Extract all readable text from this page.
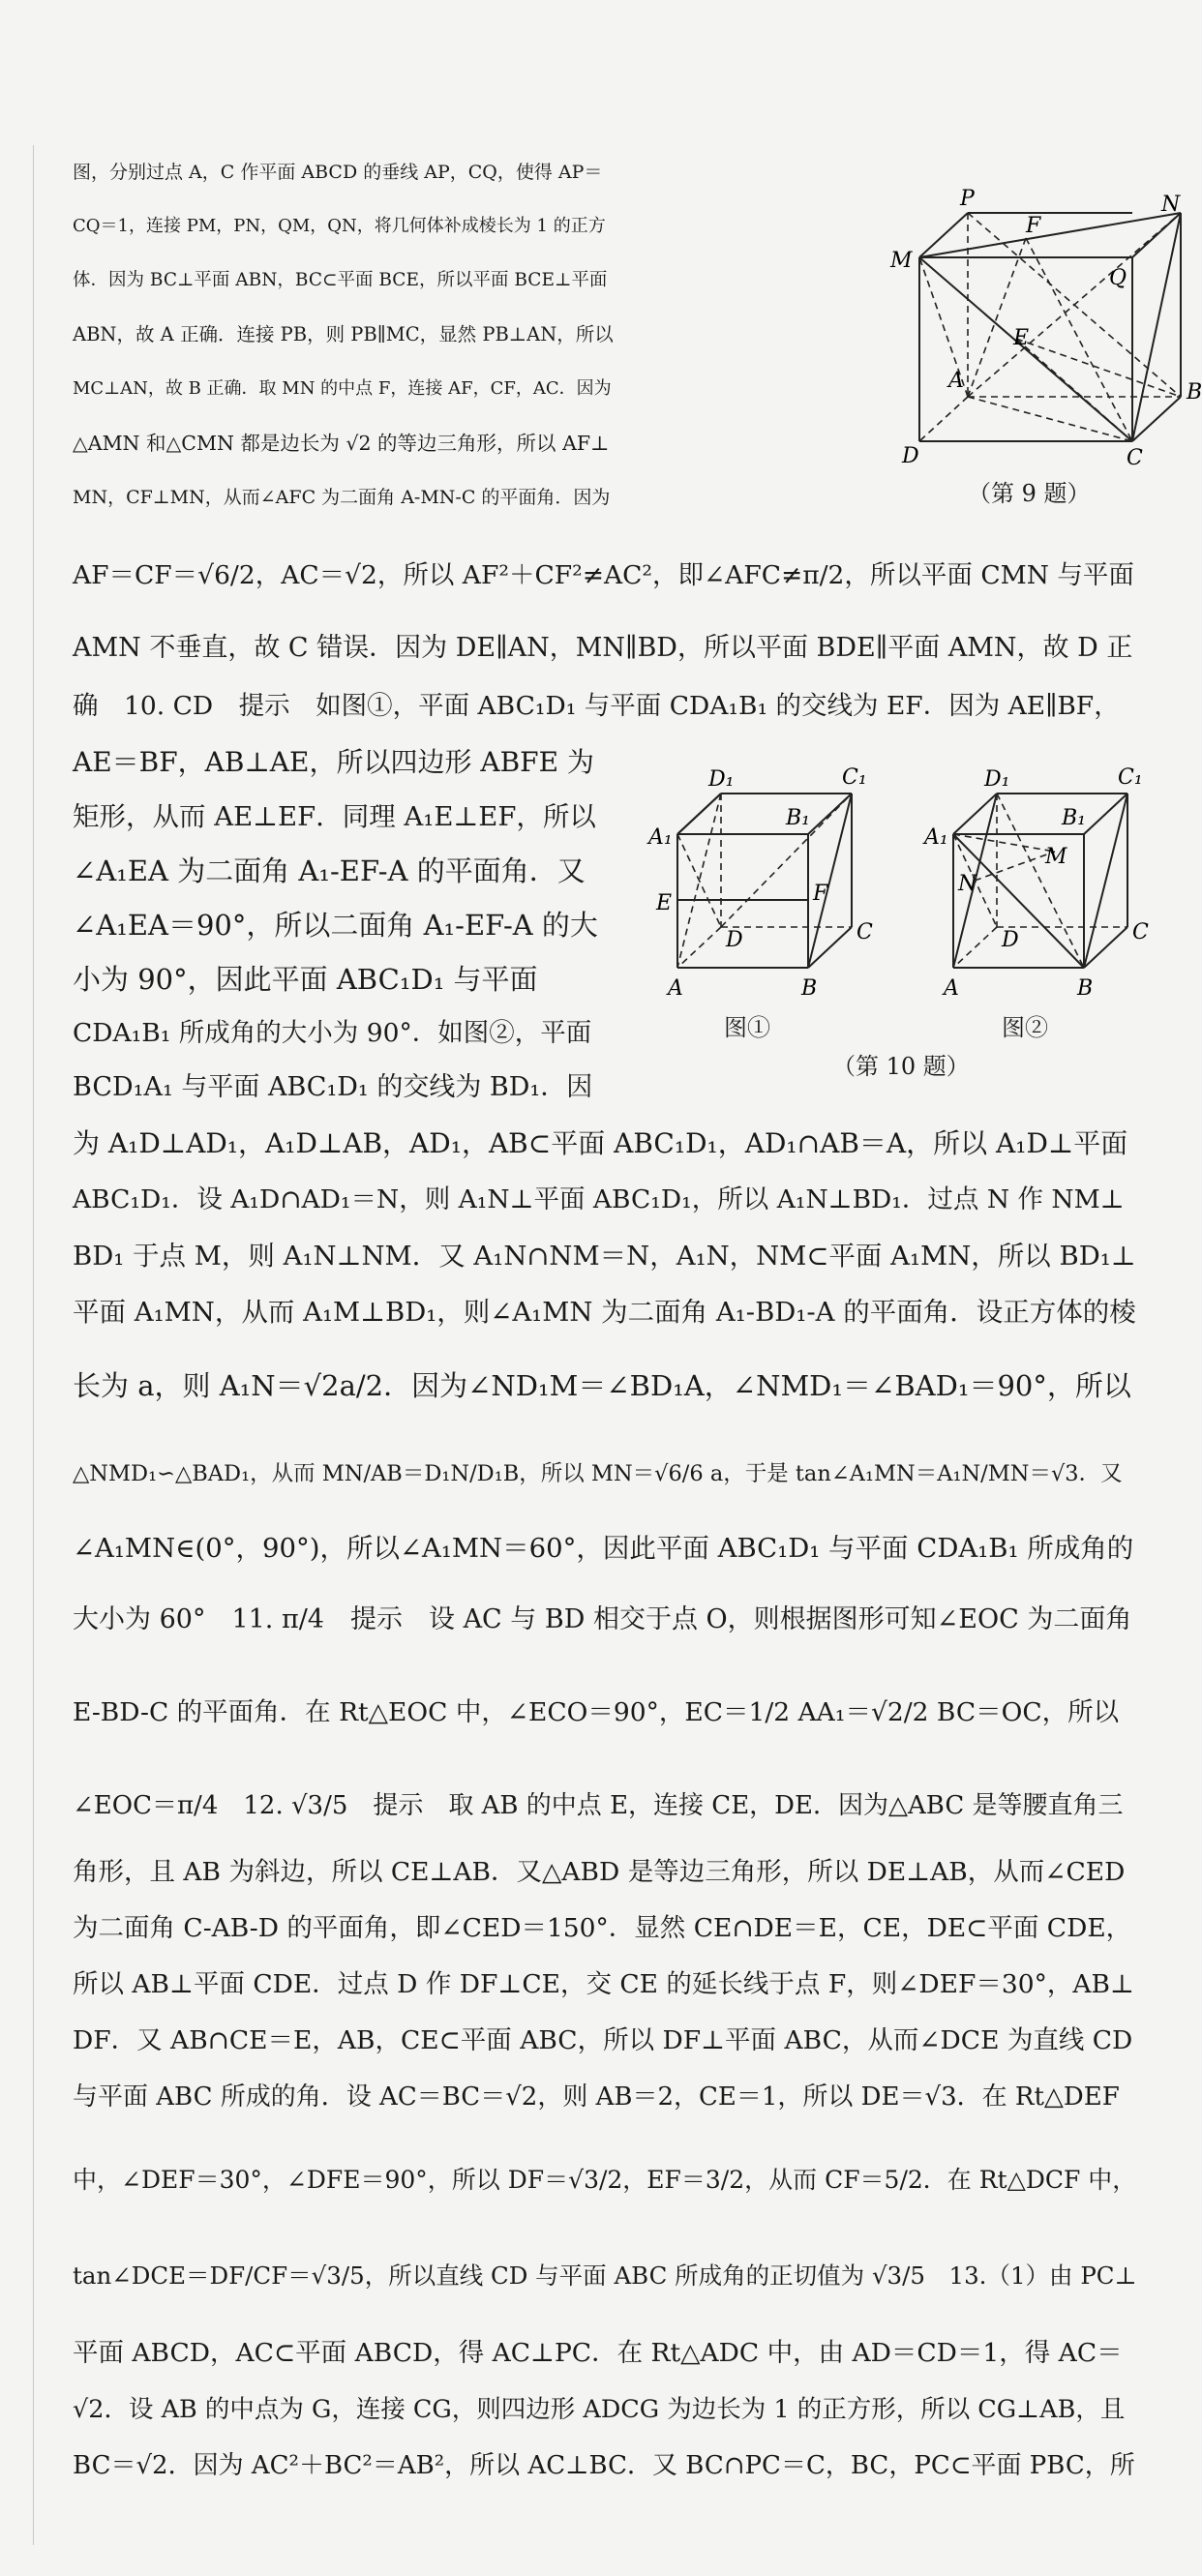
图，分别过点 A，C 作平面 ABCD 的垂线 AP，CQ，使得 AP＝
CQ＝1，连接 PM，PN，QM，QN，将几何体补成棱长为 1 的正方
体．因为 BC⊥平面 ABN，BC⊂平面 BCE，所以平面 BCE⊥平面
ABN，故 A 正确．连接 PB，则 PB∥MC，显然 PB⊥AN，所以
MC⊥AN，故 B 正确．取 MN 的中点 F，连接 AF，CF，AC．因为
△AMN 和△CMN 都是边长为 √2 的等边三角形，所以 AF⊥
MN，CF⊥MN，从而∠AFC 为二面角 A-MN-C 的平面角．因为
AF＝CF＝√6/2，AC＝√2，所以 AF²＋CF²≠AC²，即∠AFC≠π/2，所以平面 CMN 与平面
AMN 不垂直，故 C 错误．因为 DE∥AN，MN∥BD，所以平面 BDE∥平面 AMN，故 D 正
确　10. CD　提示　如图①，平面 ABC₁D₁ 与平面 CDA₁B₁ 的交线为 EF．因为 AE∥BF，
AE＝BF，AB⊥AE，所以四边形 ABFE 为
矩形，从而 AE⊥EF．同理 A₁E⊥EF，所以
∠A₁EA 为二面角 A₁-EF-A 的平面角．又
∠A₁EA＝90°，所以二面角 A₁-EF-A 的大
小为 90°，因此平面 ABC₁D₁ 与平面
CDA₁B₁ 所成角的大小为 90°．如图②，平面
BCD₁A₁ 与平面 ABC₁D₁ 的交线为 BD₁．因
为 A₁D⊥AD₁，A₁D⊥AB，AD₁，AB⊂平面 ABC₁D₁，AD₁∩AB＝A，所以 A₁D⊥平面
ABC₁D₁．设 A₁D∩AD₁＝N，则 A₁N⊥平面 ABC₁D₁，所以 A₁N⊥BD₁．过点 N 作 NM⊥
BD₁ 于点 M，则 A₁N⊥NM．又 A₁N∩NM＝N，A₁N，NM⊂平面 A₁MN，所以 BD₁⊥
平面 A₁MN，从而 A₁M⊥BD₁，则∠A₁MN 为二面角 A₁-BD₁-A 的平面角．设正方体的棱
长为 a，则 A₁N＝√2a/2．因为∠ND₁M＝∠BD₁A，∠NMD₁＝∠BAD₁＝90°，所以
△NMD₁∽△BAD₁，从而 MN/AB＝D₁N/D₁B，所以 MN＝√6/6 a，于是 tan∠A₁MN＝A₁N/MN＝√3．又
∠A₁MN∈(0°，90°)，所以∠A₁MN＝60°，因此平面 ABC₁D₁ 与平面 CDA₁B₁ 所成角的
大小为 60°　11. π/4　提示　设 AC 与 BD 相交于点 O，则根据图形可知∠EOC 为二面角
E-BD-C 的平面角．在 Rt△EOC 中，∠ECO＝90°，EC＝1/2 AA₁＝√2/2 BC＝OC，所以
∠EOC＝π/4　12. √3/5　提示　取 AB 的中点 E，连接 CE，DE．因为△ABC 是等腰直角三
角形，且 AB 为斜边，所以 CE⊥AB．又△ABD 是等边三角形，所以 DE⊥AB，从而∠CED
为二面角 C-AB-D 的平面角，即∠CED＝150°．显然 CE∩DE＝E，CE，DE⊂平面 CDE，
所以 AB⊥平面 CDE．过点 D 作 DF⊥CE，交 CE 的延长线于点 F，则∠DEF＝30°，AB⊥
DF．又 AB∩CE＝E，AB，CE⊂平面 ABC，所以 DF⊥平面 ABC，从而∠DCE 为直线 CD
与平面 ABC 所成的角．设 AC＝BC＝√2，则 AB＝2，CE＝1，所以 DE＝√3．在 Rt△DEF
中，∠DEF＝30°，∠DFE＝90°，所以 DF＝√3/2，EF＝3/2，从而 CF＝5/2．在 Rt△DCF 中，
tan∠DCE＝DF/CF＝√3/5，所以直线 CD 与平面 ABC 所成角的正切值为 √3/5　13.（1）由 PC⊥
平面 ABCD，AC⊂平面 ABCD，得 AC⊥PC．在 Rt△ADC 中，由 AD＝CD＝1，得 AC＝
√2．设 AB 的中点为 G，连接 CG，则四边形 ADCG 为边长为 1 的正方形，所以 CG⊥AB，且
BC＝√2．因为 AC²＋BC²＝AB²，所以 AC⊥BC．又 BC∩PC＝C，BC，PC⊂平面 PBC，所
P
F
N
M
Q
E
A	B
D	C
（第 9 题）
D₁	C₁
A₁
B₁
E	F
D	C
A	B
D₁	C₁
A₁
B₁
N
M
D	C
A	B
图①	图②
（第 10 题）
